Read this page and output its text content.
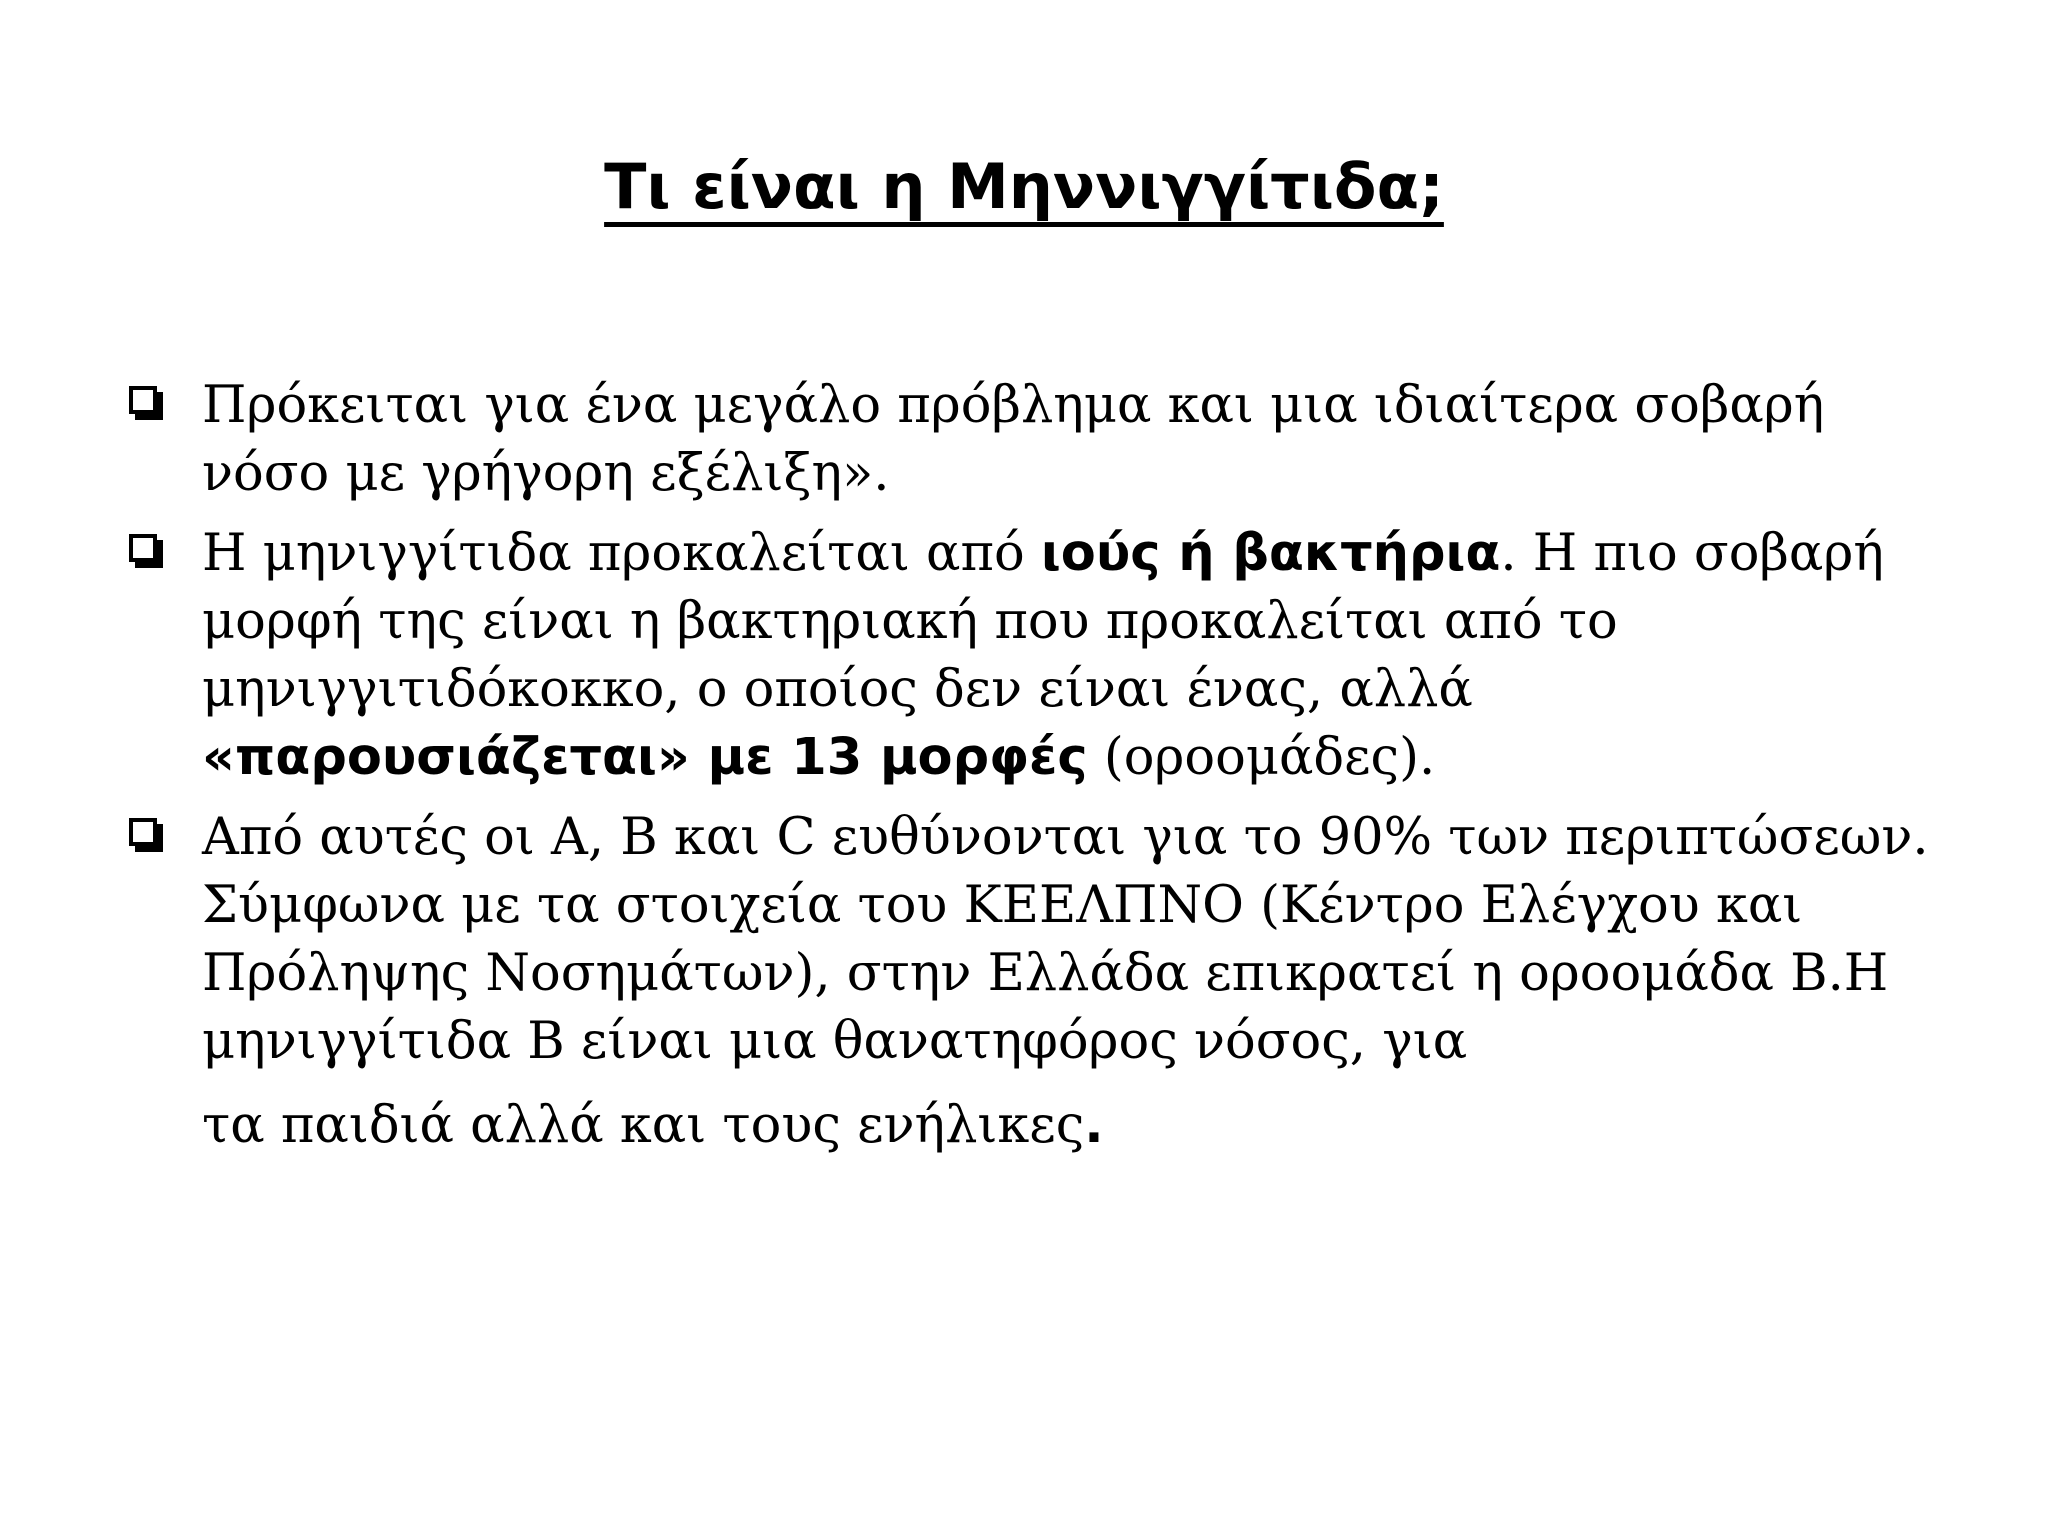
Τι είναι η Μηννιγγίτιδα;
Πρόκειται για ένα μεγάλο πρόβλημα και μια ιδιαίτερα σοβαρή νόσο με γρήγορη εξέλιξη».
Η μηνιγγίτιδα προκαλείται από ιούς ή βακτήρια. Η πιο σοβαρή μορφή της είναι η βακτηριακή που προκαλείται από το μηνιγγιτιδόκοκκο, ο οποίος δεν είναι ένας, αλλά «παρουσιάζεται» με 13 μορφές (οροομάδες).
Από αυτές οι Α, Β και C ευθύνονται για το 90% των περιπτώσεων. Σύμφωνα με τα στοιχεία του ΚΕΕΛΠΝΟ (Κέντρο Ελέγχου και Πρόληψης Νοσημάτων), στην Ελλάδα επικρατεί η οροομάδα Β.Η μηνιγγίτιδα Β είναι μια θανατηφόρος νόσος, για
τα παιδιά αλλά και τους ενήλικες.
